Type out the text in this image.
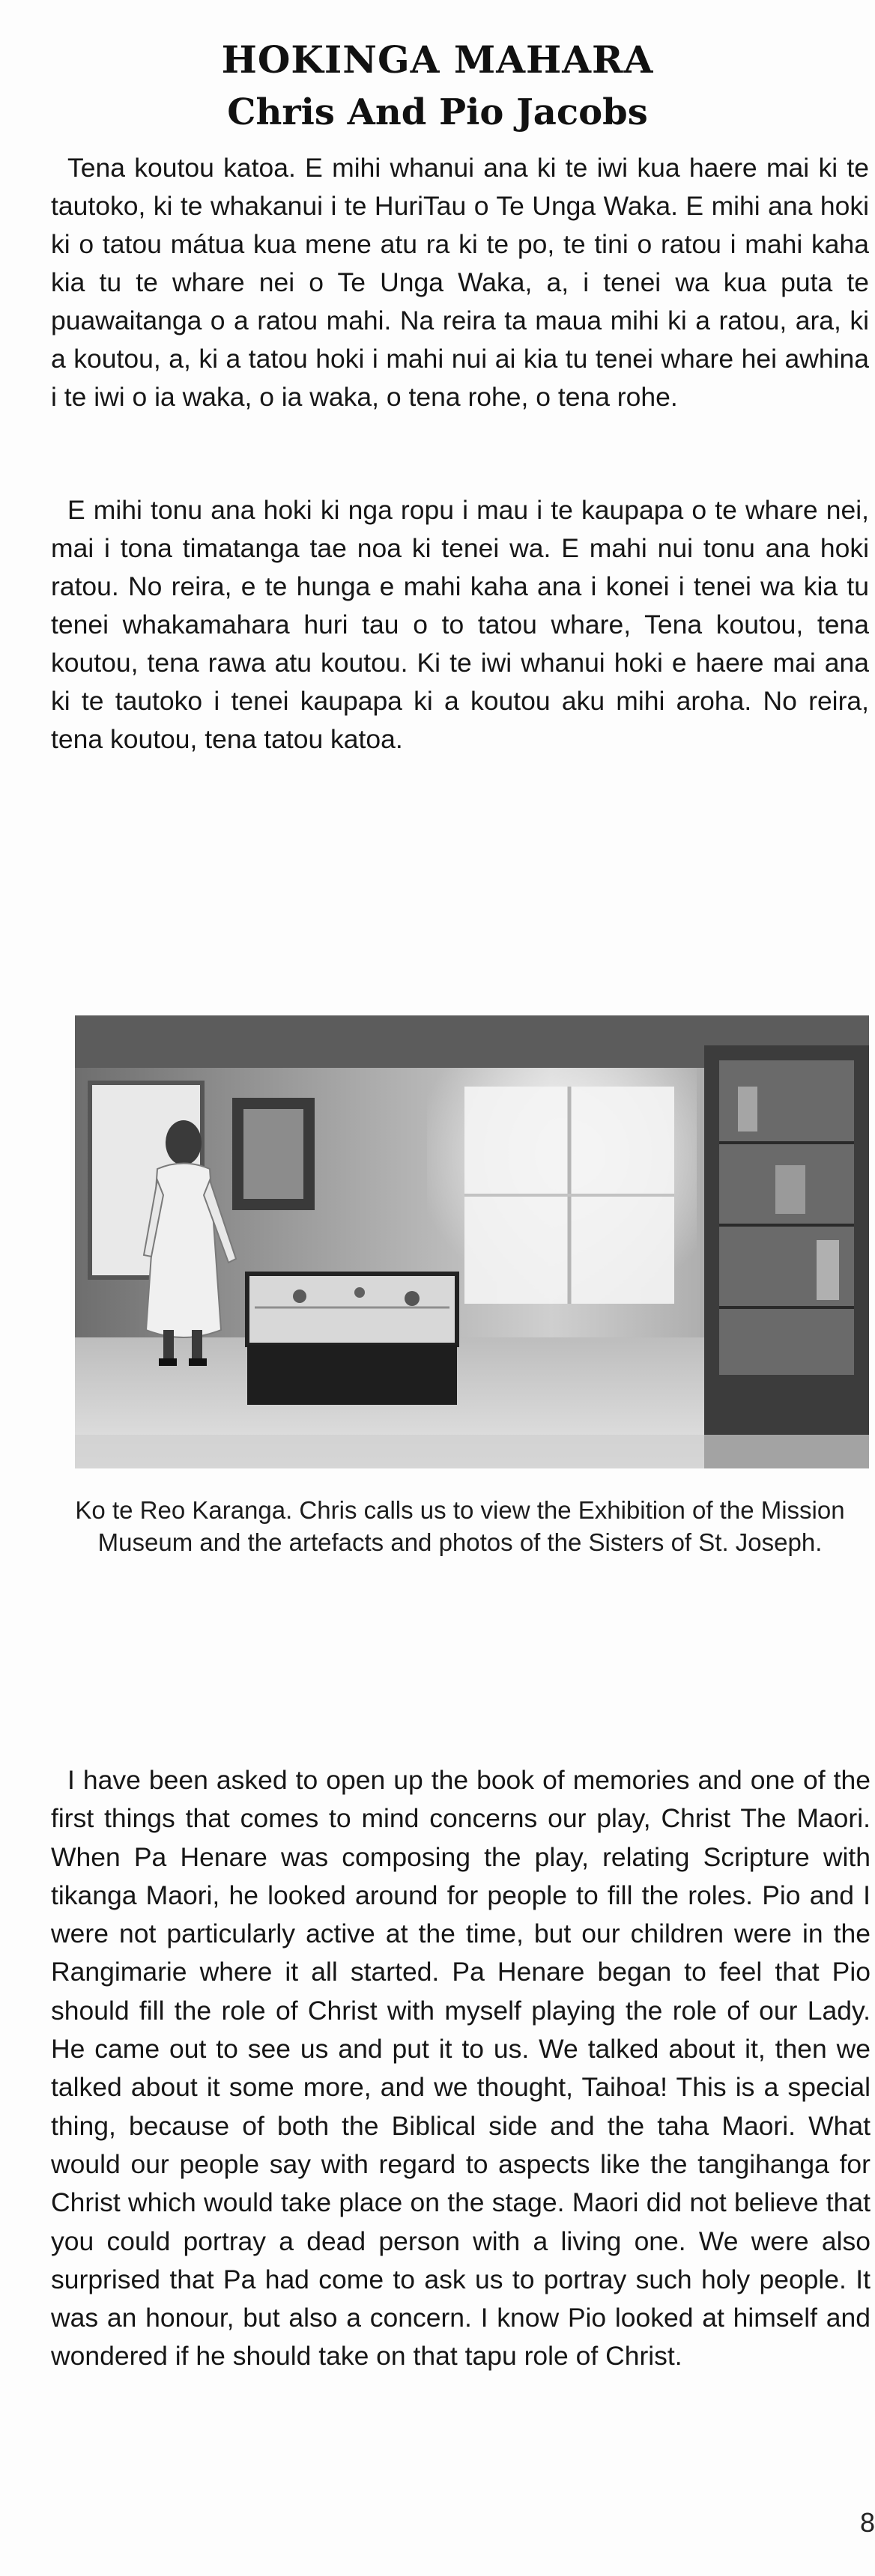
HOKINGA MAHARA
Chris And Pio Jacobs

Tena koutou katoa. E mihi whanui ana ki te iwi kua haere mai ki te tautoko, ki te whakanui i te HuriTau o Te Unga Waka. E mihi ana hoki ki o tatou mátua kua mene atu ra ki te po, te tini o ratou i mahi kaha kia tu te whare nei o Te Unga Waka, a, i tenei wa kua puta te puawaitanga o a ratou mahi. Na reira ta maua mihi ki a ratou, ara, ki a koutou, a, ki a tatou hoki i mahi nui ai kia tu tenei whare hei awhina i te iwi o ia waka, o ia waka, o tena rohe, o tena rohe.

E mihi tonu ana hoki ki nga ropu i mau i te kaupapa o te whare nei, mai i tona timatanga tae noa ki tenei wa. E mahi nui tonu ana hoki ratou. No reira, e te hunga e mahi kaha ana i konei i tenei wa kia tu tenei whakamahara huri tau o to tatou whare, Tena koutou, tena koutou, tena rawa atu koutou. Ki te iwi whanui hoki e haere mai ana ki te tautoko i tenei kaupapa ki a koutou aku mihi aroha. No reira, tena koutou, tena tatou katoa.

Ko te Reo Karanga. Chris calls us to view the Exhibition of the Mission Museum and the artefacts and photos of the Sisters of St. Joseph.

I have been asked to open up the book of memories and one of the first things that comes to mind concerns our play, Christ The Maori. When Pa Henare was composing the play, relating Scripture with tikanga Maori, he looked around for people to fill the roles. Pio and I were not particularly active at the time, but our children were in the Rangimarie where it all started. Pa Henare began to feel that Pio should fill the role of Christ with myself playing the role of our Lady. He came out to see us and put it to us. We talked about it, then we talked about it some more, and we thought, Taihoa! This is a special thing, because of both the Biblical side and the taha Maori. What would our people say with regard to aspects like the tangihanga for Christ which would take place on the stage. Maori did not believe that you could portray a dead person with a living one. We were also surprised that Pa had come to ask us to portray such holy people. It was an honour, but also a concern. I know Pio looked at himself and wondered if he should take on that tapu role of Christ.

8
